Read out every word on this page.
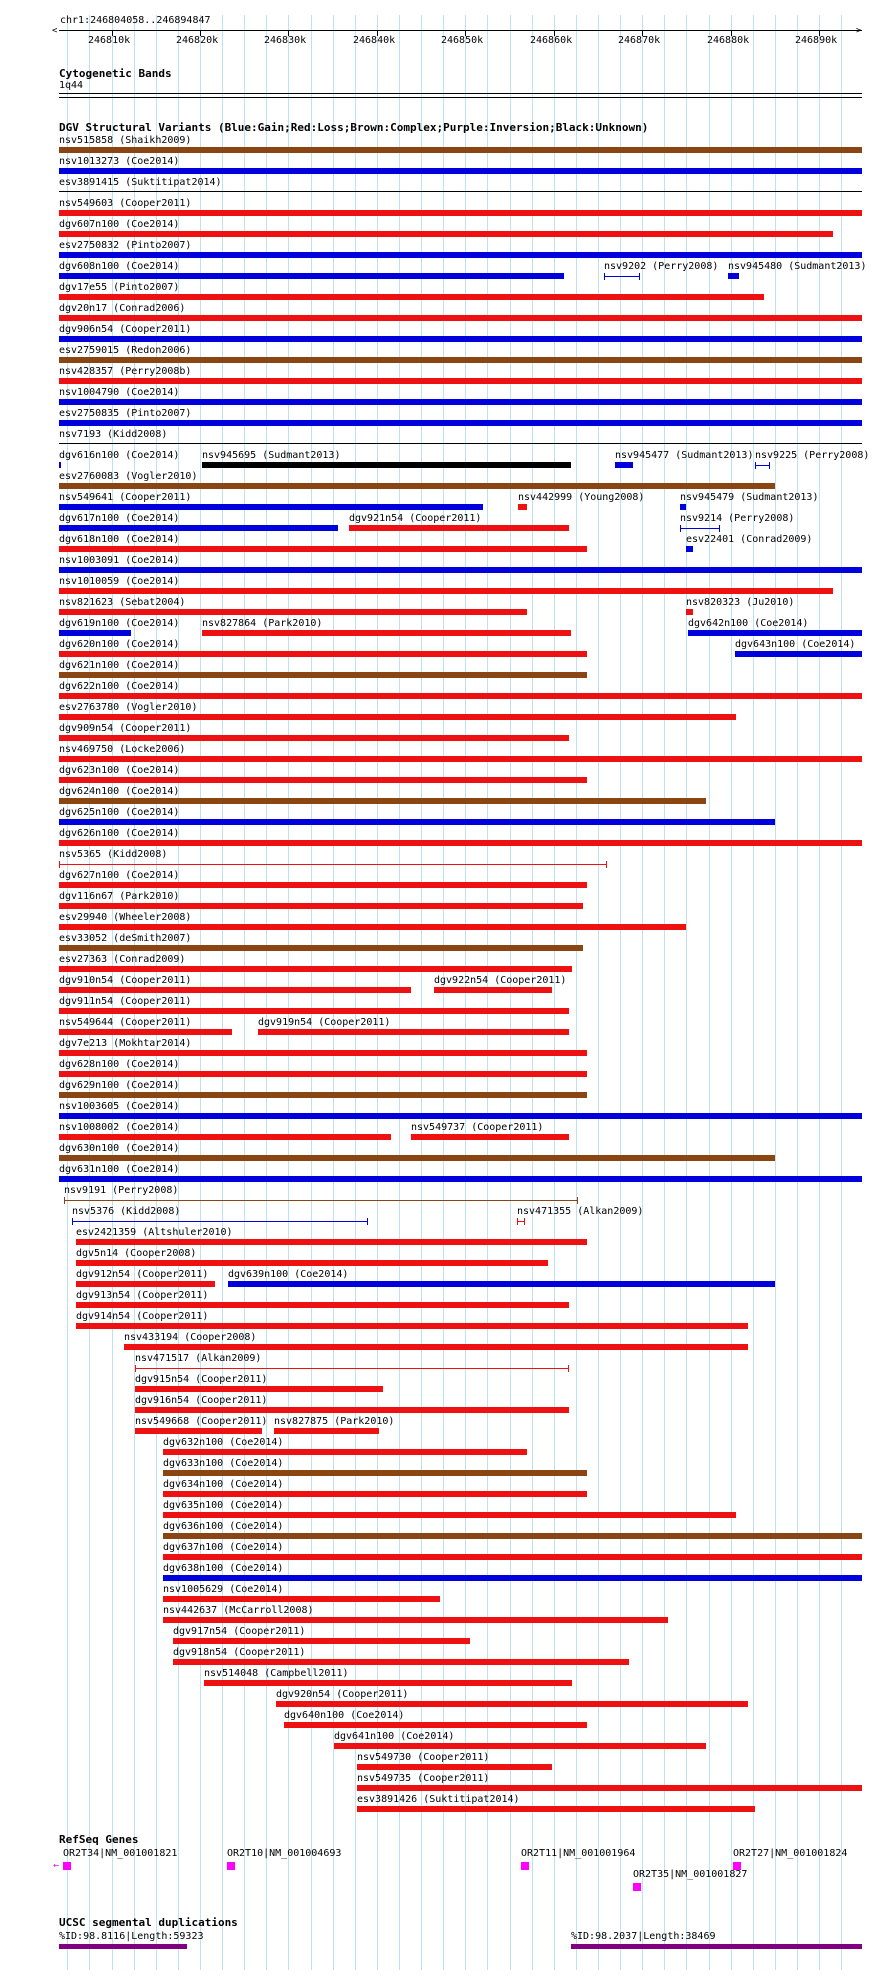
chr1:246804058..246894847
<	>
246810k	246820k	246830k	246840k	246850k	246860k	246870k	246880k	246890k
Cytogenetic Bands
1q44
DGV Structural Variants (Blue:Gain;Red:Loss;Brown:Complex;Purple:Inversion;Black:Unknown)
nsv515858 (Shaikh2009)
nsv1013273 (Coe2014)
esv3891415 (Suktitipat2014)
nsv549603 (Cooper2011)
dgv607n100 (Coe2014)
esv2750832 (Pinto2007)
dgv608n100 (Coe2014)	nsv9202 (Perry2008) nsv945480 (Sudmant2013)
dgv17e55 (Pinto2007)
dgv20n17 (Conrad2006)
dgv906n54 (Cooper2011)
esv2759015 (Redon2006)
nsv428357 (Perry2008b)
nsv1004790 (Coe2014)
esv2750835 (Pinto2007)
nsv7193 (Kidd2008)
dgv616n100 (Coe2014) nsv945695 (Sudmant2013)	nsv945477 (Sudmant2013) nsv9225 (Perry2008)
esv2760083 (Vogler2010)
nsv549641 (Cooper2011)	nsv442999 (Young2008)	nsv945479 (Sudmant2013)
dgv617n100 (Coe2014)	dgv921n54 (Cooper2011)	nsv9214 (Perry2008)
dgv618n100 (Coe2014)	esv22401 (Conrad2009)
nsv1003091 (Coe2014)
nsv1010059 (Coe2014)
nsv821623 (Sebat2004)	nsv820323 (Ju2010)
dgv619n100 (Coe2014) nsv827864 (Park2010)	dgv642n100 (Coe2014)
dgv620n100 (Coe2014)	dgv643n100 (Coe2014)
dgv621n100 (Coe2014)
dgv622n100 (Coe2014)
esv2763780 (Vogler2010)
dgv909n54 (Cooper2011)
nsv469750 (Locke2006)
dgv623n100 (Coe2014)
dgv624n100 (Coe2014)
dgv625n100 (Coe2014)
dgv626n100 (Coe2014)
nsv5365 (Kidd2008)
dgv627n100 (Coe2014)
dgv116n67 (Park2010)
esv29940 (Wheeler2008)
esv33052 (deSmith2007)
esv27363 (Conrad2009)
dgv910n54 (Cooper2011)	dgv922n54 (Cooper2011)
dgv911n54 (Cooper2011)
nsv549644 (Cooper2011)	dgv919n54 (Cooper2011)
dgv7e213 (Mokhtar2014)
dgv628n100 (Coe2014)
dgv629n100 (Coe2014)
nsv1003605 (Coe2014)
nsv1008002 (Coe2014)	nsv549737 (Cooper2011)
dgv630n100 (Coe2014)
dgv631n100 (Coe2014)
nsv9191 (Perry2008)
nsv5376 (Kidd2008)	nsv471355 (Alkan2009)
esv2421359 (Altshuler2010)
dgv5n14 (Cooper2008)
dgv912n54 (Cooper2011) dgv639n100 (Coe2014)
dgv913n54 (Cooper2011)
dgv914n54 (Cooper2011)
nsv433194 (Cooper2008)
nsv471517 (Alkan2009)
dgv915n54 (Cooper2011)
dgv916n54 (Cooper2011)
nsv549668 (Cooper2011) nsv827875 (Park2010)
dgv632n100 (Coe2014)
dgv633n100 (Coe2014)
dgv634n100 (Coe2014)
dgv635n100 (Coe2014)
dgv636n100 (Coe2014)
dgv637n100 (Coe2014)
dgv638n100 (Coe2014)
nsv1005629 (Coe2014)
nsv442637 (McCarroll2008)
dgv917n54 (Cooper2011)
dgv918n54 (Cooper2011)
nsv514048 (Campbell2011)
dgv920n54 (Cooper2011)
dgv640n100 (Coe2014)
dgv641n100 (Coe2014)
nsv549730 (Cooper2011)
nsv549735 (Cooper2011)
esv3891426 (Suktitipat2014)
RefSeq Genes
OR2T34|NM_001001821
←
OR2T10|NM_001004693	OR2T11|NM_001001964	OR2T27|NM_001001824
OR2T35|NM_001001827
UCSC segmental duplications
%ID:98.8116|Length:59323	%ID:98.2037|Length:38469
